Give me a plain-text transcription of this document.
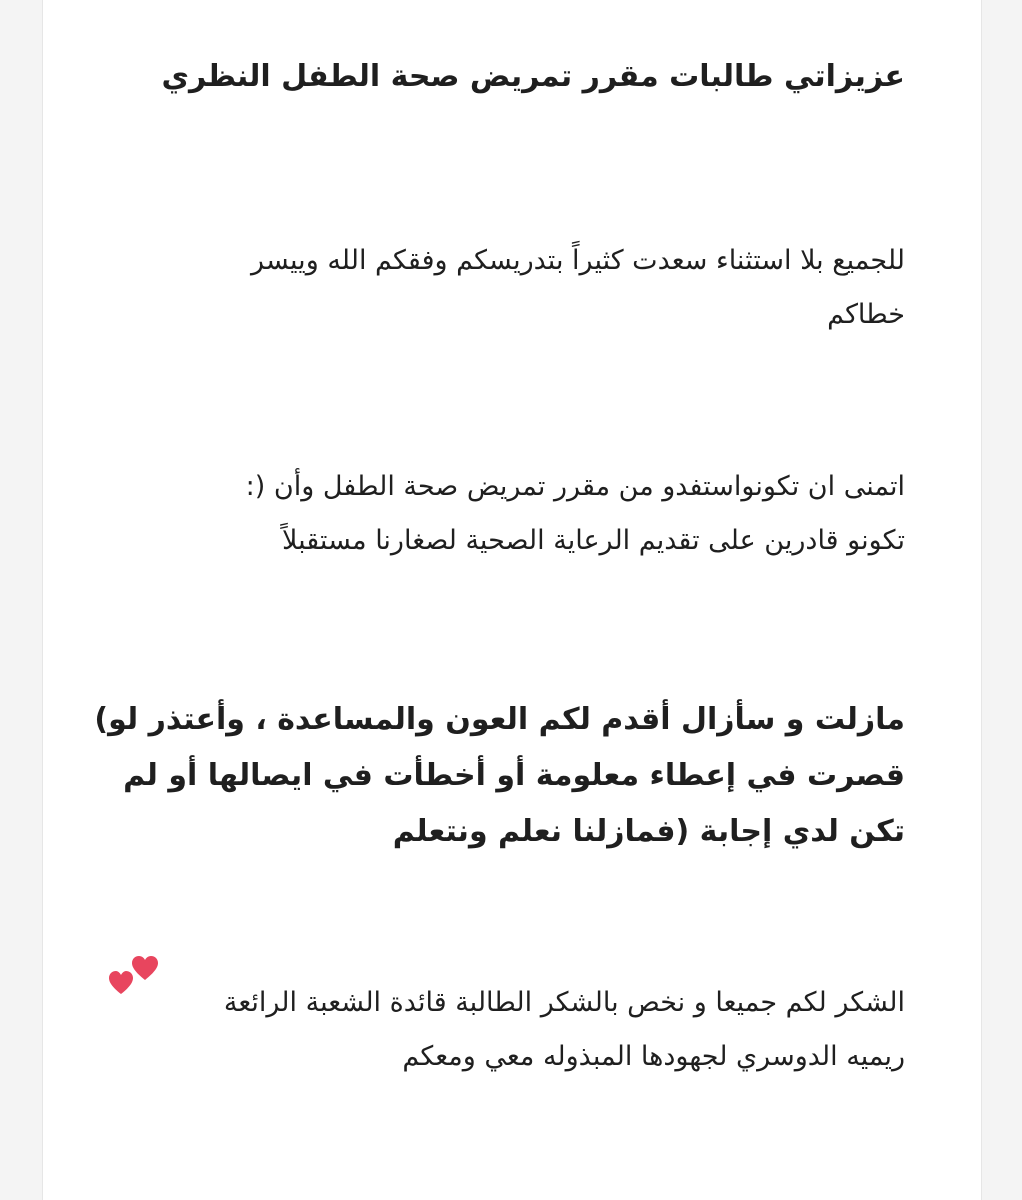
عزيزاتي طالبات مقرر تمريض صحة الطفل النظري

للجميع بلا استثناء سعدت كثيراً بتدريسكم وفقكم الله وييسر
خطاكم

اتمنى ان تكونواستفدو من مقرر تمريض صحة الطفل وأن (:
تكونو قادرين على تقديم الرعاية الصحية لصغارنا مستقبلاً

مازلت و سأزال أقدم لكم العون والمساعدة ، وأعتذر لو)
قصرت في إعطاء معلومة أو أخطأت في ايصالها أو لم
تكن لدي إجابة (فمازلنا نعلم ونتعلم

الشكر لكم جميعا و نخص بالشكر الطالبة قائدة الشعبة الرائعة
ريميه الدوسري لجهودها المبذوله معي ومعكم
